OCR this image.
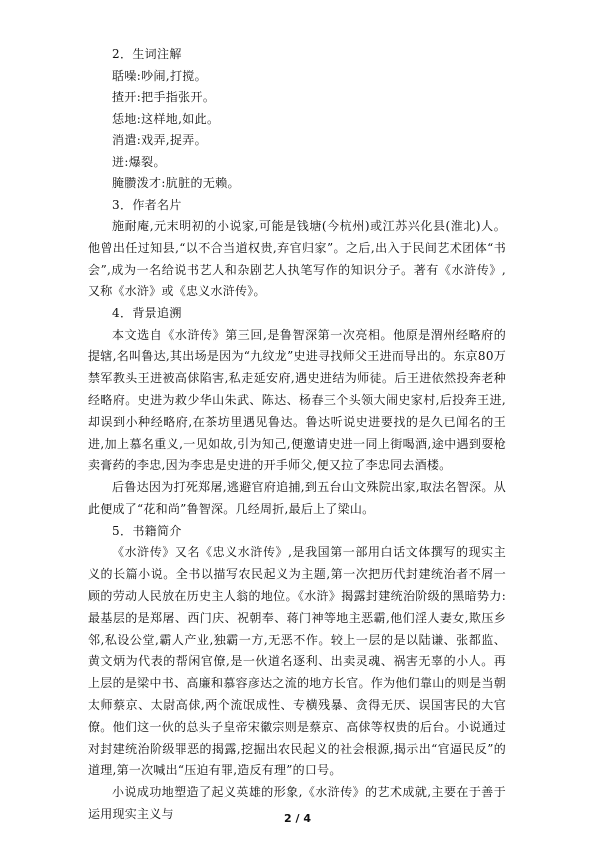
2．生词注解
聒噪:吵闹,打搅。
揸开:把手指张开。
恁地:这样地,如此。
消遣:戏弄,捉弄。
迸:爆裂。
腌臜泼才:肮脏的无赖。
3．作者名片
施耐庵,元末明初的小说家,可能是钱塘(今杭州)或江苏兴化县(淮北)人。他曾出任过知县,“以不合当道权贵,弃官归家”。之后,出入于民间艺术团体“书会”,成为一名给说书艺人和杂剧艺人执笔写作的知识分子。著有《水浒传》,又称《水浒》或《忠义水浒传》。
4．背景追溯
本文选自《水浒传》第三回,是鲁智深第一次亮相。他原是渭州经略府的提辖,名叫鲁达,其出场是因为“九纹龙”史进寻找师父王进而导出的。东京80万禁军教头王进被高俅陷害,私走延安府,遇史进结为师徒。后王进依然投奔老种经略府。史进为救少华山朱武、陈达、杨春三个头领大闹史家村,后投奔王进,却误到小种经略府,在茶坊里遇见鲁达。鲁达听说史进要找的是久已闻名的王进,加上慕名重义,一见如故,引为知己,便邀请史进一同上街喝酒,途中遇到耍枪卖膏药的李忠,因为李忠是史进的开手师父,便又拉了李忠同去酒楼。
后鲁达因为打死郑屠,逃避官府追捕,到五台山文殊院出家,取法名智深。从此便成了“花和尚”鲁智深。几经周折,最后上了梁山。
5．书籍简介
《水浒传》又名《忠义水浒传》,是我国第一部用白话文体撰写的现实主义的长篇小说。全书以描写农民起义为主题,第一次把历代封建统治者不屑一顾的劳动人民放在历史主人翁的地位。《水浒》揭露封建统治阶级的黑暗势力:最基层的是郑屠、西门庆、祝朝奉、蒋门神等地主恶霸,他们淫人妻女,欺压乡邻,私设公堂,霸人产业,独霸一方,无恶不作。较上一层的是以陆谦、张都监、黄文炳为代表的帮闲官僚,是一伙道名逐利、出卖灵魂、祸害无辜的小人。再上层的是梁中书、高廉和慕容彦达之流的地方长官。作为他们靠山的则是当朝太师蔡京、太尉高俅,两个流氓成性、专横残暴、贪得无厌、误国害民的大官僚。他们这一伙的总头子皇帝宋徽宗则是蔡京、高俅等权贵的后台。小说通过对封建统治阶级罪恶的揭露,挖掘出农民起义的社会根源,揭示出“官逼民反”的道理,第一次喊出“压迫有罪,造反有理”的口号。
小说成功地塑造了起义英雄的形象,《水浒传》的艺术成就,主要在于善于运用现实主义与	2 / 4
